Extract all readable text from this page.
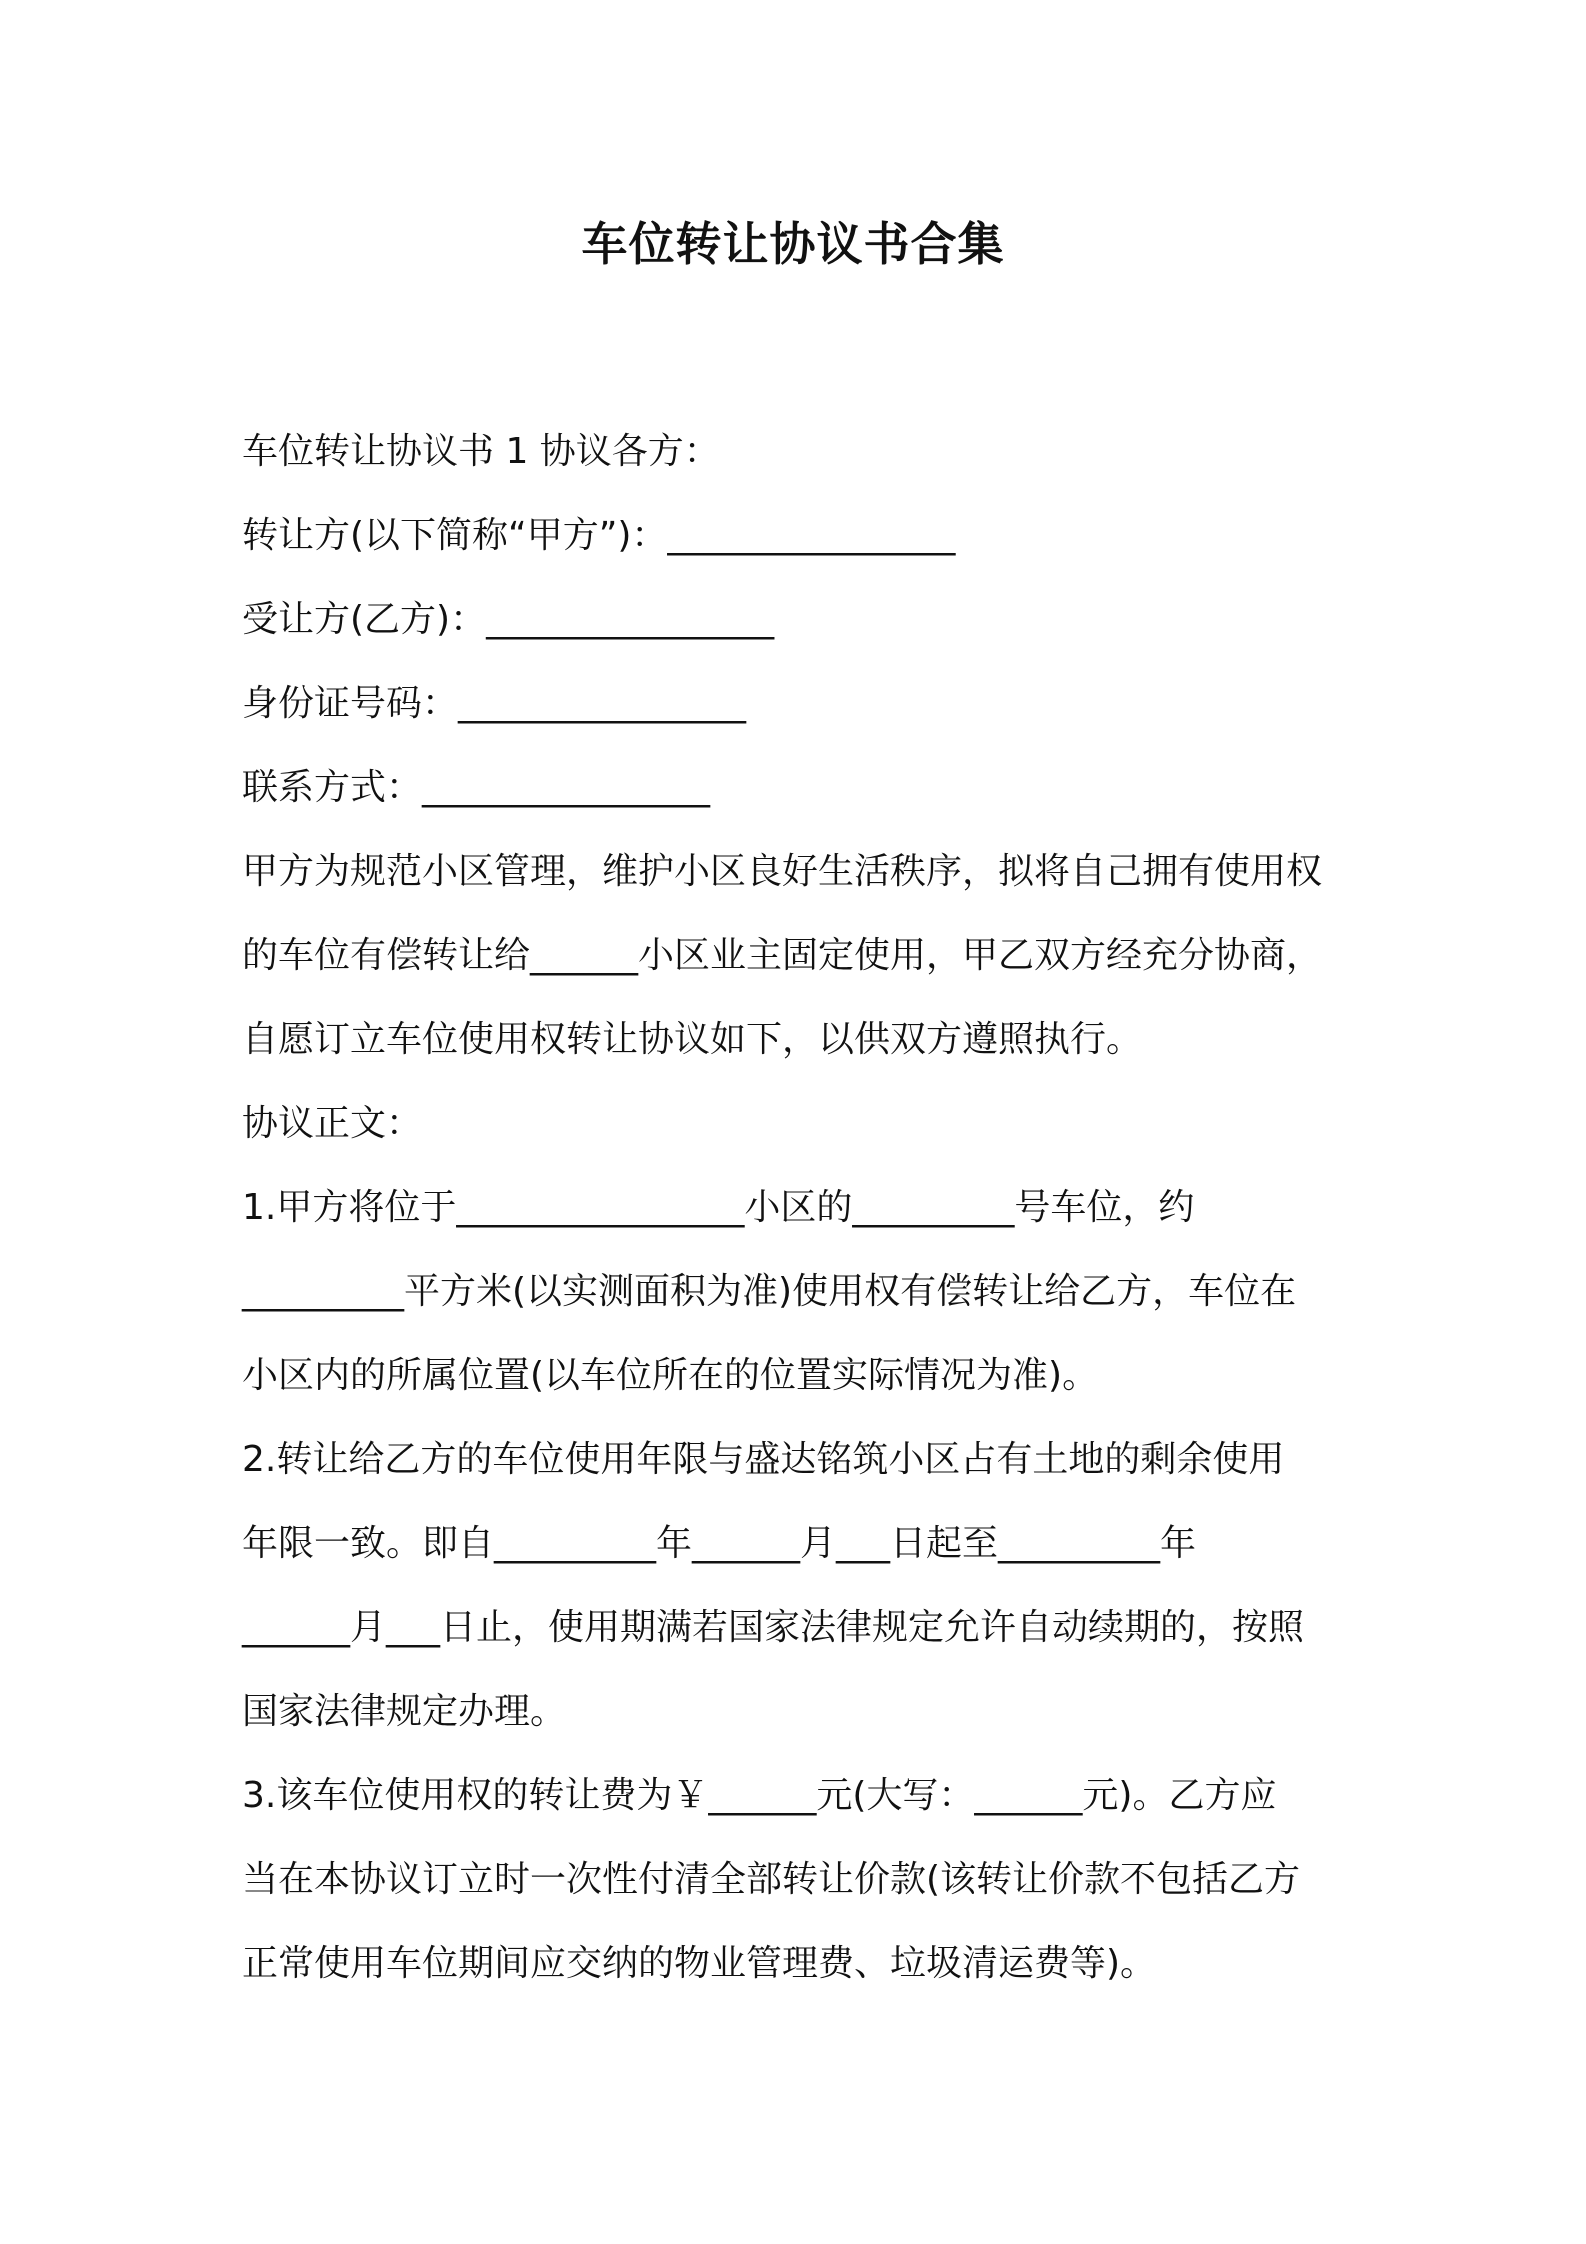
车位转让协议书合集

车位转让协议书 1 协议各方：

转让方(以下简称“甲方”)：________________

受让方(乙方)：________________

身份证号码：________________

联系方式：________________

甲方为规范小区管理，维护小区良好生活秩序，拟将自己拥有使用权

的车位有偿转让给______小区业主固定使用，甲乙双方经充分协商，

自愿订立车位使用权转让协议如下，以供双方遵照执行。

协议正文：

1.甲方将位于________________小区的_________号车位，约

_________平方米(以实测面积为准)使用权有偿转让给乙方，车位在

小区内的所属位置(以车位所在的位置实际情况为准)。

2.转让给乙方的车位使用年限与盛达铭筑小区占有土地的剩余使用

年限一致。即自_________年______月___日起至_________年

______月___日止，使用期满若国家法律规定允许自动续期的，按照

国家法律规定办理。

3.该车位使用权的转让费为￥______元(大写：______元)。乙方应

当在本协议订立时一次性付清全部转让价款(该转让价款不包括乙方

正常使用车位期间应交纳的物业管理费、垃圾清运费等)。
